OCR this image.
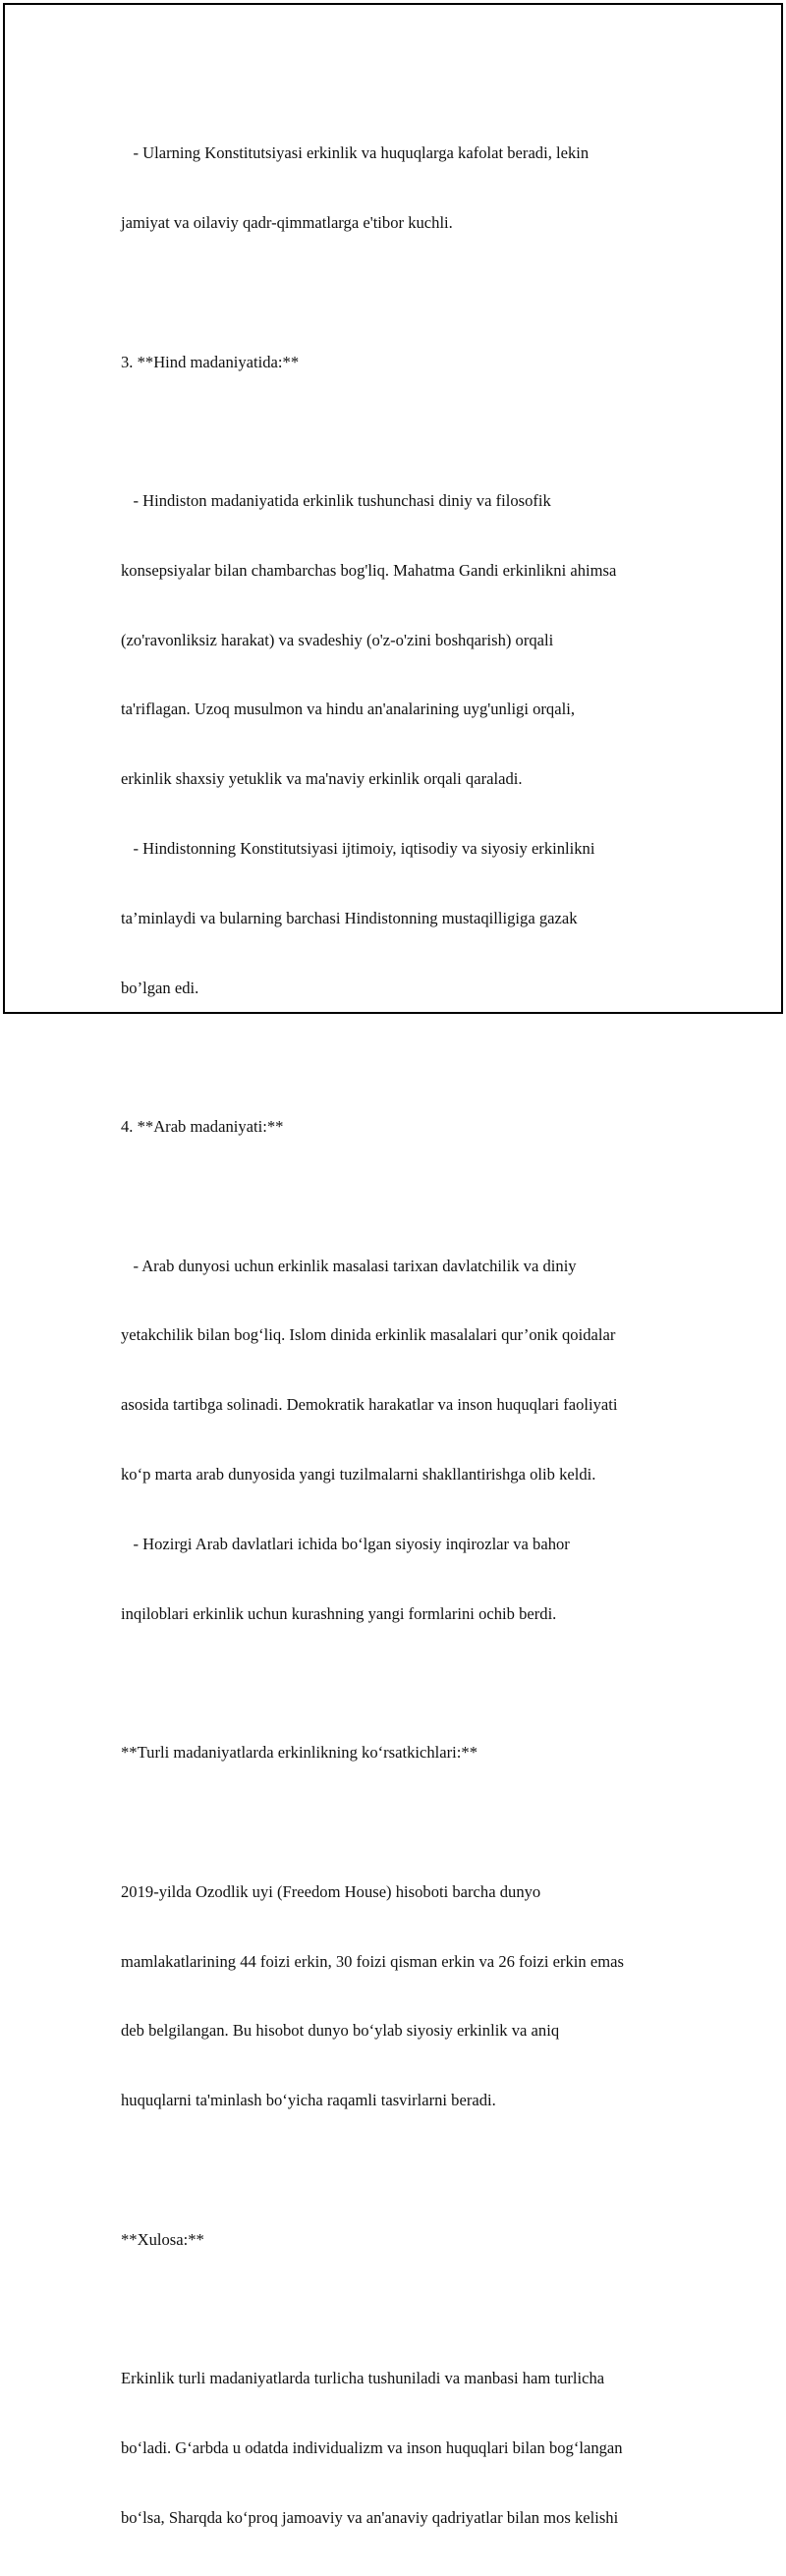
- Ularning Konstitutsiyasi erkinlik va huquqlarga kafolat beradi, lekin

jamiyat va oilaviy qadr-qimmatlarga e'tibor kuchli.

3. **Hind madaniyatida:**

- Hindiston madaniyatida erkinlik tushunchasi diniy va filosofik

konsepsiyalar bilan chambarchas bog'liq. Mahatma Gandi erkinlikni ahimsa

(zo'ravonliksiz harakat) va svadeshiy (o'z-o'zini boshqarish) orqali

ta'riflagan. Uzoq musulmon va hindu an'analarining uyg'unligi orqali,

erkinlik shaxsiy yetuklik va ma'naviy erkinlik orqali qaraladi.

- Hindistonning Konstitutsiyasi ijtimoiy, iqtisodiy va siyosiy erkinlikni

ta’minlaydi va bularning barchasi Hindistonning mustaqilligiga gazak

bo’lgan edi.

4. **Arab madaniyati:**

- Arab dunyosi uchun erkinlik masalasi tarixan davlatchilik va diniy

yetakchilik bilan bog‘liq. Islom dinida erkinlik masalalari qur’onik qoidalar

asosida tartibga solinadi. Demokratik harakatlar va inson huquqlari faoliyati

ko‘p marta arab dunyosida yangi tuzilmalarni shakllantirishga olib keldi.

- Hozirgi Arab davlatlari ichida bo‘lgan siyosiy inqirozlar va bahor

inqiloblari erkinlik uchun kurashning yangi formlarini ochib berdi.

**Turli madaniyatlarda erkinlikning ko‘rsatkichlari:**

2019-yilda Ozodlik uyi (Freedom House) hisoboti barcha dunyo

mamlakatlarining 44 foizi erkin, 30 foizi qisman erkin va 26 foizi erkin emas

deb belgilangan. Bu hisobot dunyo bo‘ylab siyosiy erkinlik va aniq

huquqlarni ta'minlash bo‘yicha raqamli tasvirlarni beradi.

**Xulosa:**

Erkinlik turli madaniyatlarda turlicha tushuniladi va manbasi ham turlicha

bo‘ladi. G‘arbda u odatda individualizm va inson huquqlari bilan bog‘langan

bo‘lsa, Sharqda ko‘proq jamoaviy va an'anaviy qadriyatlar bilan mos kelishi
